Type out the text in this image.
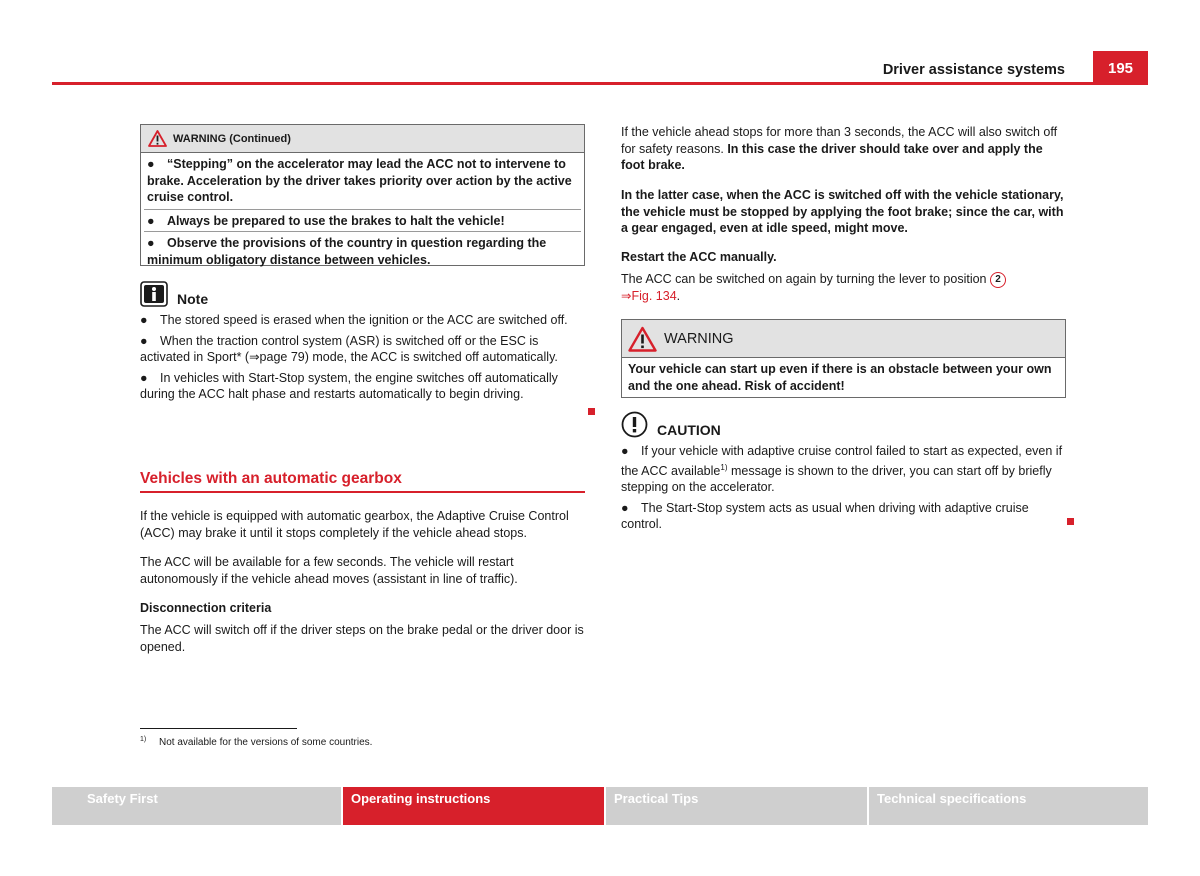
Driver assistance systems	195
WARNING (Continued)
● “Stepping” on the accelerator may lead the ACC not to intervene to brake. Acceleration by the driver takes priority over action by the active cruise control.
● Always be prepared to use the brakes to halt the vehicle!
● Observe the provisions of the country in question regarding the minimum obligatory distance between vehicles.
Note
● The stored speed is erased when the ignition or the ACC are switched off.
● When the traction control system (ASR) is switched off or the ESC is activated in Sport* (⇒page 79) mode, the ACC is switched off automatically.
● In vehicles with Start-Stop system, the engine switches off automatically during the ACC halt phase and restarts automatically to begin driving.
Vehicles with an automatic gearbox

If the vehicle is equipped with automatic gearbox, the Adaptive Cruise Control (ACC) may brake it until it stops completely if the vehicle ahead stops.

The ACC will be available for a few seconds. The vehicle will restart autonomously if the vehicle ahead moves (assistant in line of traffic).

Disconnection criteria

The ACC will switch off if the driver steps on the brake pedal or the driver door is opened.

$^{1)}$ Not available for the versions of some countries.

If the vehicle ahead stops for more than 3 seconds, the ACC will also switch off for safety reasons. In this case the driver should take over and apply the foot brake.

In the latter case, when the ACC is switched off with the vehicle stationary, the vehicle must be stopped by applying the foot brake; since the car, with a gear engaged, even at idle speed, might move.

Restart the ACC manually.

The ACC can be switched on again by turning the lever to position 2
⇒Fig. 134.

WARNING
Your vehicle can start up even if there is an obstacle between your own and the one ahead. Risk of accident!
CAUTION
● If your vehicle with adaptive cruise control failed to start as expected, even if the ACC available$^{1)}$ message is shown to the driver, you can start off by briefly stepping on the accelerator.
● The Start-Stop system acts as usual when driving with adaptive cruise control.
Safety First	Operating instructions	Practical Tips	Technical specifications
